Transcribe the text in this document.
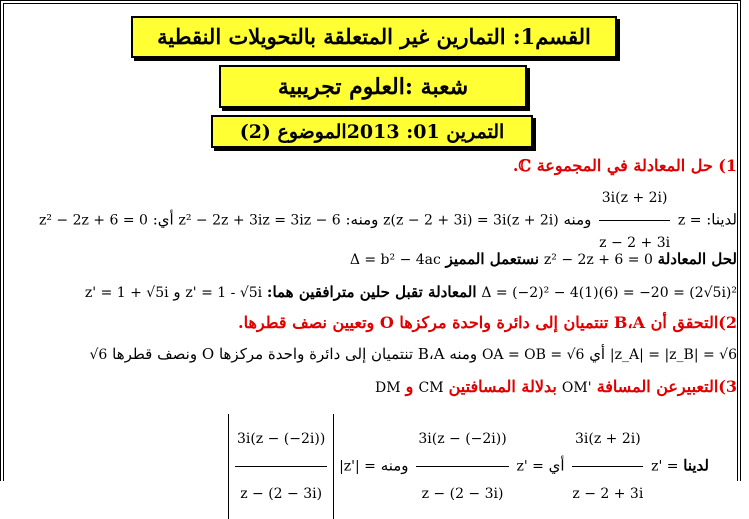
القسم1: التمارين غير المتعلقة بالتحويلات النقطية
شعبة :العلوم تجريبية
التمرين 01: 2013الموضوع (2)
1) حل المعادلة في المجموعة ℂ.
لدينا: z =
$\frac{3i(z + 2i)}{z - 2 + 3i}$
ومنه z(z − 2 + 3i) = 3i(z + 2i) ومنه: z² − 2z + 3iz = 3iz − 6 أي: z² − 2z + 6 = 0
لحل المعادلة z² − 2z + 6 = 0 نستعمل المميز Δ = b² − 4ac
Δ = (−2)² − 4(1)(6) = −20 = (2√5i)² المعادلة تقبل حلين مترافقين هما: z' = 1 - √5i و z' = 1 + √5i
2)التحقق أن B،A تنتميان إلى دائرة واحدة مركزها O وتعيين نصف قطرها.
|z_A| = |z_B| = √6 أي OA = OB = √6 ومنه B،A تنتميان إلى دائرة واحدة مركزها O ونصف قطرها √6
3)التعبيرعن المسافة OM' بدلالة المسافتين CM و DM
لدينا z' =
$\frac{3i(z + 2i)}{z - 2 + 3i}$
أي z' =
$\frac{3i(z - (-2i))}{z - (2 - 3i)}$
ومنه |z'| =
$\frac{3i(z - (-2i))}{z - (2 - 3i)}$
